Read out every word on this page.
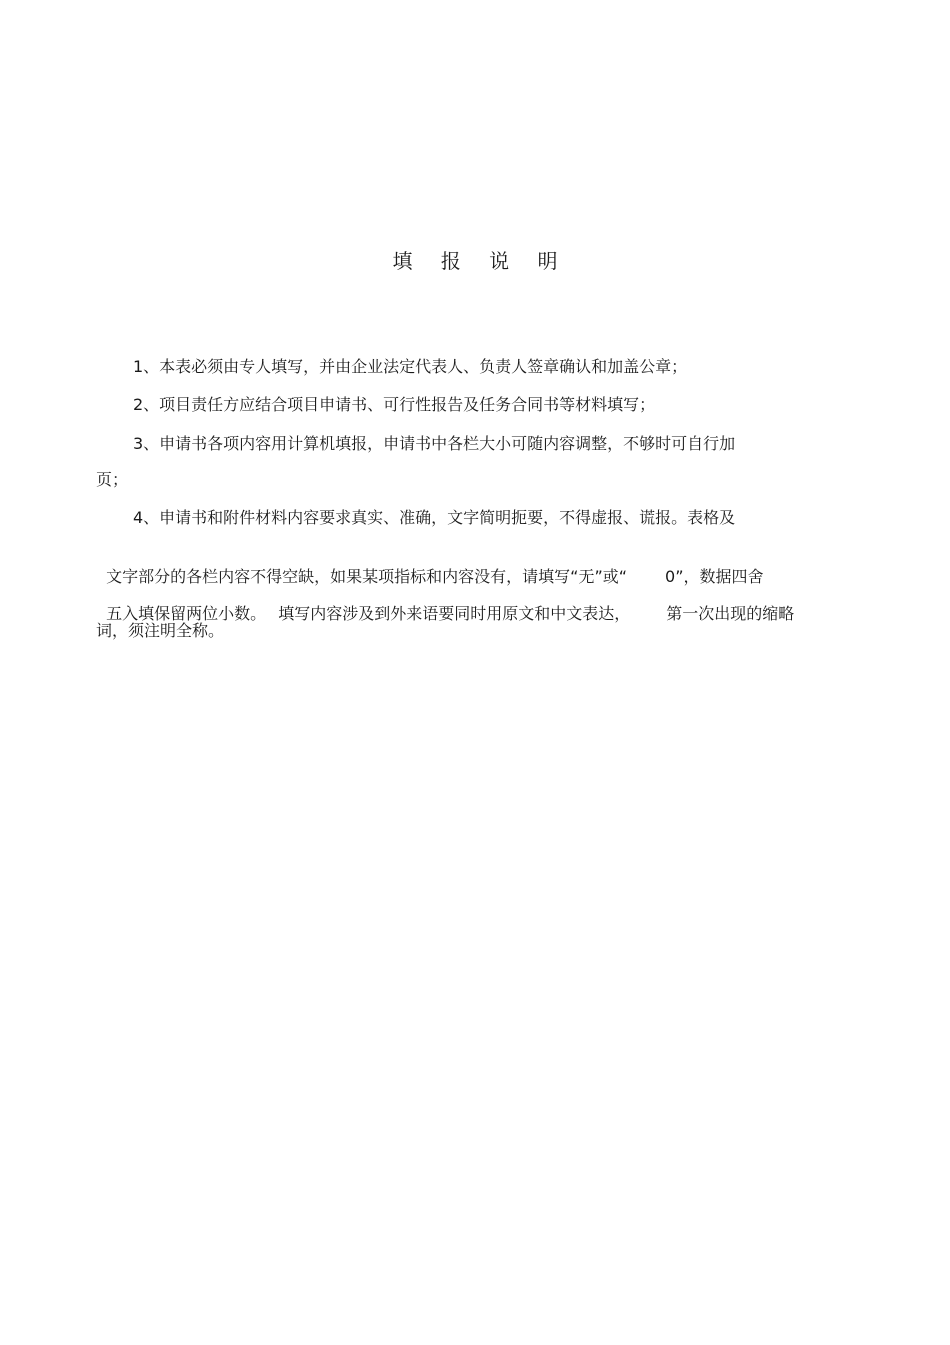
填 报 说 明
1、本表必须由专人填写，并由企业法定代表人、负责人签章确认和加盖公章；
2、项目责任方应结合项目申请书、可行性报告及任务合同书等材料填写；
3、申请书各项内容用计算机填报，申请书中各栏大小可随内容调整，不够时可自行加
页；
4、申请书和附件材料内容要求真实、准确，文字简明扼要，不得虚报、谎报。表格及

文字部分的各栏内容不得空缺，如果某项指标和内容没有，请填写“无”或“ 0”，数据四舍

五入填保留两位小数。 填写内容涉及到外来语要同时用原文和中文表达， 第一次出现的缩略

词，须注明全称。
